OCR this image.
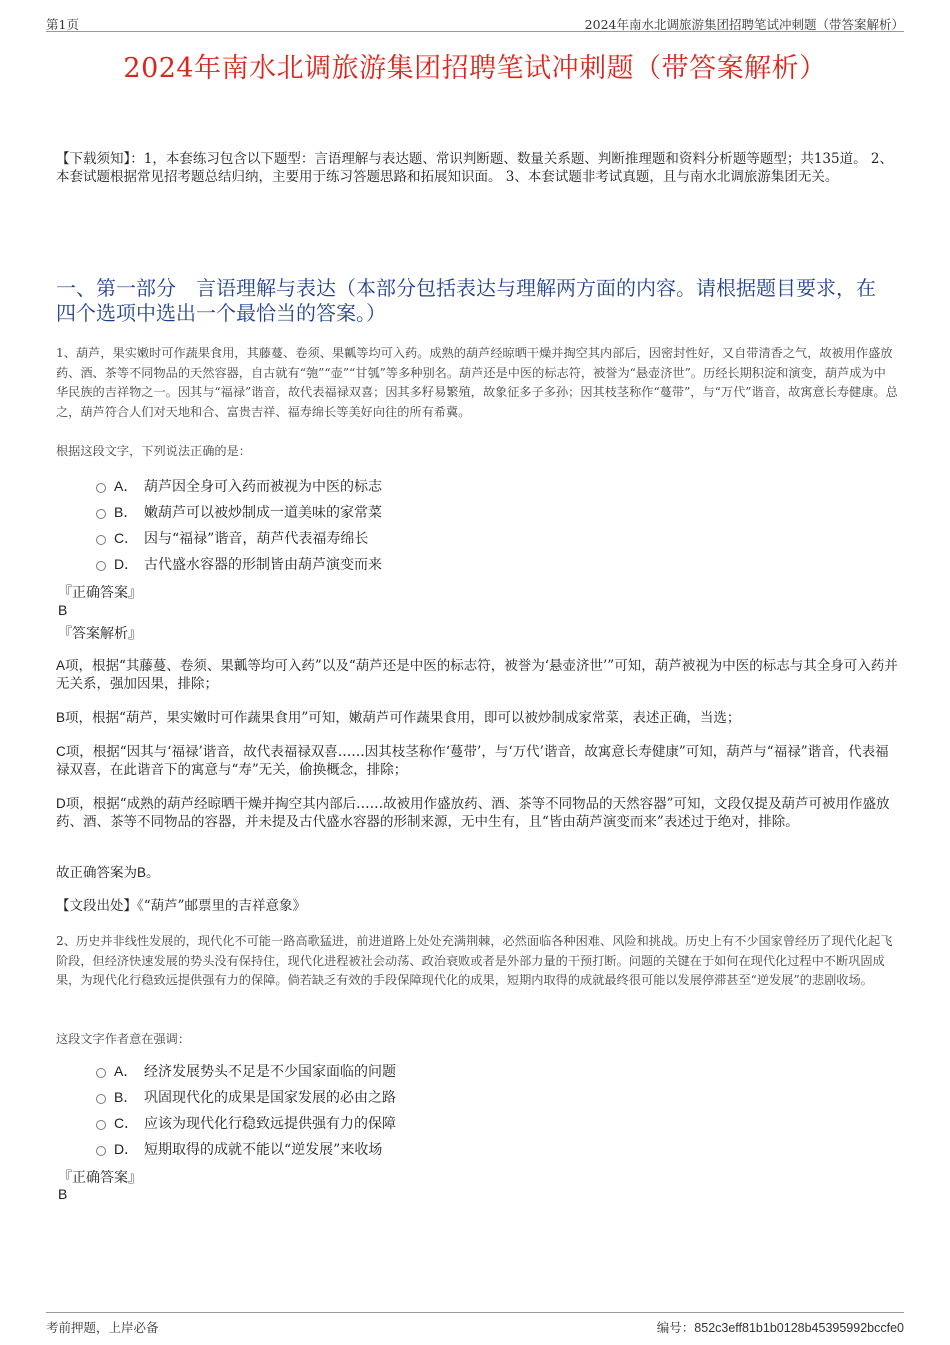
第1页	2024年南水北调旅游集团招聘笔试冲刺题（带答案解析）
2024年南水北调旅游集团招聘笔试冲刺题（带答案解析）
【下载须知】：1，本套练习包含以下题型：言语理解与表达题、常识判断题、数量关系题、判断推理题和资料分析题等题型；共135道。 2、本套试题根据常见招考题总结归纳，主要用于练习答题思路和拓展知识面。 3、本套试题非考试真题，且与南水北调旅游集团无关。
一、第一部分　言语理解与表达（本部分包括表达与理解两方面的内容。请根据题目要求，在四个选项中选出一个最恰当的答案。）
1、葫芦，果实嫩时可作蔬果食用，其藤蔓、卷须、果瓤等均可入药。成熟的葫芦经晾晒干燥并掏空其内部后，因密封性好，又自带清香之气，故被用作盛放药、酒、茶等不同物品的天然容器，自古就有“匏”“壶”“甘瓠”等多种别名。葫芦还是中医的标志符，被誉为“悬壶济世”。历经长期积淀和演变，葫芦成为中华民族的吉祥物之一。因其与“福禄”谐音，故代表福禄双喜；因其多籽易繁殖，故象征多子多孙；因其枝茎称作“蔓带”，与“万代”谐音，故寓意长寿健康。总之，葫芦符合人们对天地和合、富贵吉祥、福寿绵长等美好向往的所有希冀。
根据这段文字，下列说法正确的是：
A． 葫芦因全身可入药而被视为中医的标志
B． 嫩葫芦可以被炒制成一道美味的家常菜
C． 因与“福禄”谐音，葫芦代表福寿绵长
D． 古代盛水容器的形制皆由葫芦演变而来
『正确答案』
B
『答案解析』
A项，根据“其藤蔓、卷须、果瓤等均可入药”以及“葫芦还是中医的标志符，被誉为‘悬壶济世’”可知，葫芦被视为中医的标志与其全身可入药并无关系，强加因果，排除；
B项，根据“葫芦，果实嫩时可作蔬果食用”可知，嫩葫芦可作蔬果食用，即可以被炒制成家常菜，表述正确，当选；
C项，根据“因其与‘福禄’谐音，故代表福禄双喜……因其枝茎称作‘蔓带’，与‘万代’谐音，故寓意长寿健康”可知，葫芦与“福禄”谐音，代表福禄双喜，在此谐音下的寓意与“寿”无关，偷换概念，排除；
D项，根据“成熟的葫芦经晾晒干燥并掏空其内部后……故被用作盛放药、酒、茶等不同物品的天然容器”可知，文段仅提及葫芦可被用作盛放药、酒、茶等不同物品的容器，并未提及古代盛水容器的形制来源，无中生有，且“皆由葫芦演变而来”表述过于绝对，排除。
故正确答案为B。
【文段出处】《“葫芦”邮票里的吉祥意象》
2、历史并非线性发展的，现代化不可能一路高歌猛进，前进道路上处处充满荆棘，必然面临各种困难、风险和挑战。历史上有不少国家曾经历了现代化起飞阶段，但经济快速发展的势头没有保持住，现代化进程被社会动荡、政治衰败或者是外部力量的干预打断。问题的关键在于如何在现代化过程中不断巩固成果，为现代化行稳致远提供强有力的保障。倘若缺乏有效的手段保障现代化的成果，短期内取得的成就最终很可能以发展停滞甚至“逆发展”的悲剧收场。
这段文字作者意在强调：
A． 经济发展势头不足是不少国家面临的问题
B． 巩固现代化的成果是国家发展的必由之路
C． 应该为现代化行稳致远提供强有力的保障
D． 短期取得的成就不能以“逆发展”来收场
『正确答案』
B
考前押题，上岸必备	编号：852c3eff81b1b0128b45395992bccfe0
